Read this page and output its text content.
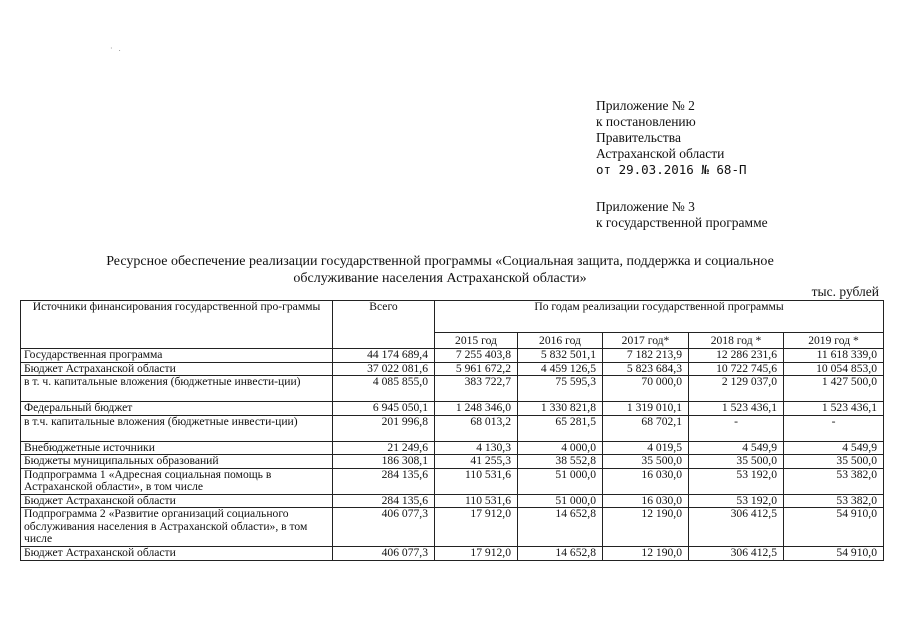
· .
Приложение № 2
к постановлению
Правительства
Астраханской области
от 29.03.2016 № 68-П
Приложение № 3
к государственной программе
Ресурсное обеспечение реализации государственной программы «Социальная защита, поддержка и социальное
обслуживание населения Астраханской области»
тыс. рублей
Источники финансирования государственной про-граммы	Всего	По годам реализации государственной программы				
		2015 год	2016 год	2017 год*	2018 год *	2019 год *
Государственная программа	44 174 689,4	7 255 403,8	5 832 501,1	7 182 213,9	12 286 231,6	11 618 339,0
Бюджет Астраханской области	37 022 081,6	5 961 672,2	4 459 126,5	5 823 684,3	10 722 745,6	10 054 853,0
в т. ч. капитальные вложения (бюджетные инвести-ции)	4 085 855,0	383 722,7	75 595,3	70 000,0	2 129 037,0	1 427 500,0
Федеральный бюджет	6 945 050,1	1 248 346,0	1 330 821,8	1 319 010,1	1 523 436,1	1 523 436,1
в т.ч. капитальные вложения (бюджетные инвести-ции)	201 996,8	68 013,2	65 281,5	68 702,1	-	-
Внебюджетные источники	21 249,6	4 130,3	4 000,0	4 019,5	4 549,9	4 549,9
Бюджеты муниципальных образований	186 308,1	41 255,3	38 552,8	35 500,0	35 500,0	35 500,0
Подпрограмма 1 «Адресная социальная помощь в Астраханской области», в том числе	284 135,6	110 531,6	51 000,0	16 030,0	53 192,0	53 382,0
Бюджет Астраханской области	284 135,6	110 531,6	51 000,0	16 030,0	53 192,0	53 382,0
Подпрограмма 2 «Развитие организаций социального обслуживания населения в Астраханской области», в том числе	406 077,3	17 912,0	14 652,8	12 190,0	306 412,5	54 910,0
Бюджет Астраханской области	406 077,3	17 912,0	14 652,8	12 190,0	306 412,5	54 910,0
